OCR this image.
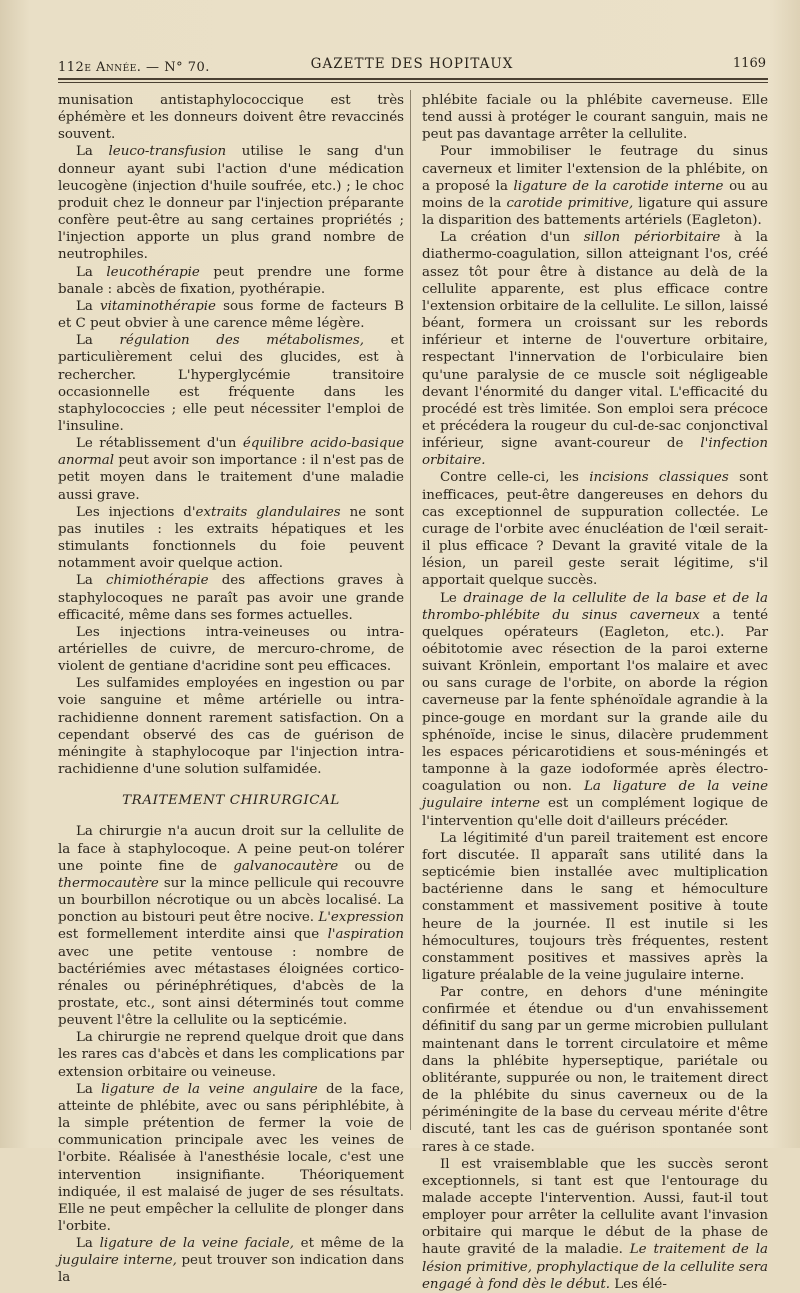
112e Année. — N° 70.	GAZETTE DES HOPITAUX	1169

munisation antistaphylococcique est très éphémère et les donneurs doivent être revaccinés souvent.

La leuco-transfusion utilise le sang d'un donneur ayant subi l'action d'une médication leucogène (injection d'huile soufrée, etc.) ; le choc produit chez le donneur par l'injection préparante confère peut-être au sang certaines propriétés ; l'injection apporte un plus grand nombre de neutrophiles.

La leucothérapie peut prendre une forme banale : abcès de fixation, pyothérapie.

La vitaminothérapie sous forme de facteurs B et C peut obvier à une carence même légère.

La régulation des métabolismes, et particulièrement celui des glucides, est à rechercher. L'hyperglycémie transitoire occasionnelle est fréquente dans les staphylococcies ; elle peut nécessiter l'emploi de l'insuline.

Le rétablissement d'un équilibre acido-basique anormal peut avoir son importance : il n'est pas de petit moyen dans le traitement d'une maladie aussi grave.

Les injections d'extraits glandulaires ne sont pas inutiles : les extraits hépatiques et les stimulants fonctionnels du foie peuvent notamment avoir quelque action.

La chimiothérapie des affections graves à staphylocoques ne paraît pas avoir une grande efficacité, même dans ses formes actuelles.

Les injections intra-veineuses ou intra-artérielles de cuivre, de mercuro-chrome, de violent de gentiane d'acridine sont peu efficaces.

Les sulfamides employées en ingestion ou par voie sanguine et même artérielle ou intra-rachidienne donnent rarement satisfaction. On a cependant observé des cas de guérison de méningite à staphylocoque par l'injection intra-rachidienne d'une solution sulfamidée.

TRAITEMENT CHIRURGICAL

La chirurgie n'a aucun droit sur la cellulite de la face à staphylocoque. A peine peut-on tolérer une pointe fine de galvanocautère ou de thermocautère sur la mince pellicule qui recouvre un bourbillon nécrotique ou un abcès localisé. La ponction au bistouri peut être nocive. L'expression est formellement interdite ainsi que l'aspiration avec une petite ventouse : nombre de bactériémies avec métastases éloignées cortico-rénales ou périnéphrétiques, d'abcès de la prostate, etc., sont ainsi déterminés tout comme peuvent l'être la cellulite ou la septicémie.

La chirurgie ne reprend quelque droit que dans les rares cas d'abcès et dans les complications par extension orbitaire ou veineuse.

La ligature de la veine angulaire de la face, atteinte de phlébite, avec ou sans périphlébite, à la simple prétention de fermer la voie de communication principale avec les veines de l'orbite. Réalisée à l'anesthésie locale, c'est une intervention insignifiante. Théoriquement indiquée, il est malaisé de juger de ses résultats. Elle ne peut empêcher la cellulite de plonger dans l'orbite.

La ligature de la veine faciale, et même de la jugulaire interne, peut trouver son indication dans la

phlébite faciale ou la phlébite caverneuse. Elle tend aussi à protéger le courant sanguin, mais ne peut pas davantage arrêter la cellulite.

Pour immobiliser le feutrage du sinus caverneux et limiter l'extension de la phlébite, on a proposé la ligature de la carotide interne ou au moins de la carotide primitive, ligature qui assure la disparition des battements artériels (Eagleton).

La création d'un sillon périorbitaire à la diathermo-coagulation, sillon atteignant l'os, créé assez tôt pour être à distance au delà de la cellulite apparente, est plus efficace contre l'extension orbitaire de la cellulite. Le sillon, laissé béant, formera un croissant sur les rebords inférieur et interne de l'ouverture orbitaire, respectant l'innervation de l'orbiculaire bien qu'une paralysie de ce muscle soit négligeable devant l'énormité du danger vital. L'efficacité du procédé est très limitée. Son emploi sera précoce et précédera la rougeur du cul-de-sac conjonctival inférieur, signe avant-coureur de l'infection orbitaire.

Contre celle-ci, les incisions classiques sont inefficaces, peut-être dangereuses en dehors du cas exceptionnel de suppuration collectée. Le curage de l'orbite avec énucléation de l'œil serait-il plus efficace ? Devant la gravité vitale de la lésion, un pareil geste serait légitime, s'il apportait quelque succès.

Le drainage de la cellulite de la base et de la thrombo-phlébite du sinus caverneux a tenté quelques opérateurs (Eagleton, etc.). Par oébitotomie avec résection de la paroi externe suivant Krönlein, emportant l'os malaire et avec ou sans curage de l'orbite, on aborde la région caverneuse par la fente sphénoïdale agrandie à la pince-gouge en mordant sur la grande aile du sphénoïde, incise le sinus, dilacère prudemment les espaces péricarotidiens et sous-méningés et tamponne à la gaze iodoformée après électro-coagulation ou non. La ligature de la veine jugulaire interne est un complément logique de l'intervention qu'elle doit d'ailleurs précéder.

La légitimité d'un pareil traitement est encore fort discutée. Il apparaît sans utilité dans la septicémie bien installée avec multiplication bactérienne dans le sang et hémoculture constamment et massivement positive à toute heure de la journée. Il est inutile si les hémocultures, toujours très fréquentes, restent constamment positives et massives après la ligature préalable de la veine jugulaire interne.

Par contre, en dehors d'une méningite confirmée et étendue ou d'un envahissement définitif du sang par un germe microbien pullulant maintenant dans le torrent circulatoire et même dans la phlébite hyperseptique, pariétale ou oblitérante, suppurée ou non, le traitement direct de la phlébite du sinus caverneux ou de la périméningite de la base du cerveau mérite d'être discuté, tant les cas de guérison spontanée sont rares à ce stade.

Il est vraisemblable que les succès seront exceptionnels, si tant est que l'entourage du malade accepte l'intervention. Aussi, faut-il tout employer pour arrêter la cellulite avant l'invasion orbitaire qui marque le début de la phase de haute gravité de la maladie. Le traitement de la lésion primitive, prophylactique de la cellulite sera engagé à fond dès le début. Les élé-
